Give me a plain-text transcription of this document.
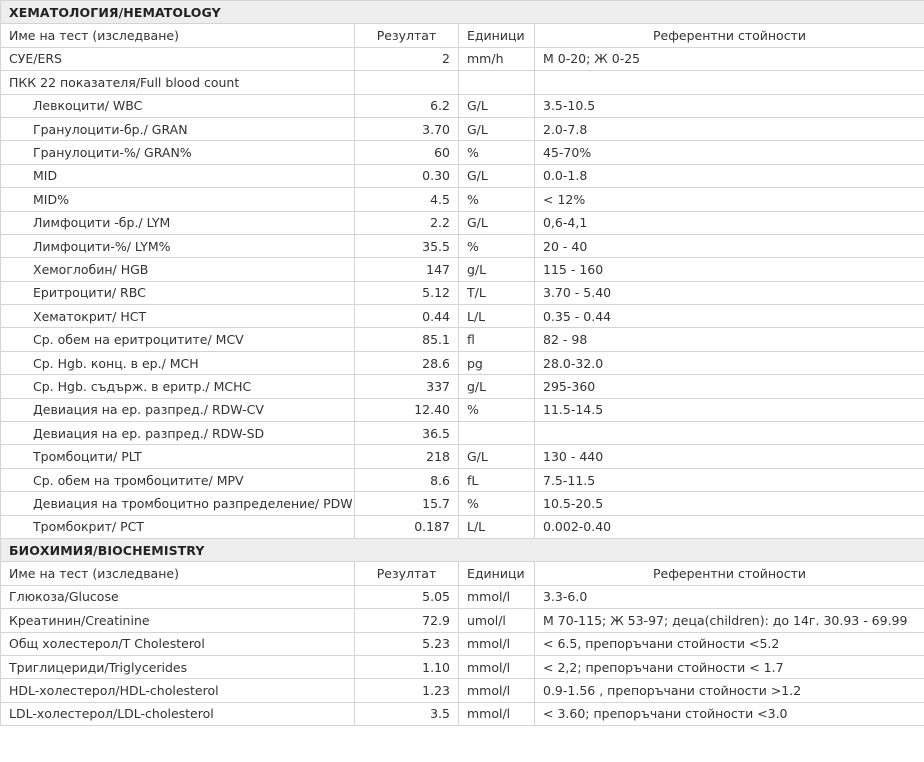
ХЕМАТОЛОГИЯ/HEMATOLOGY			
Име на тест (изследване)	Резултат	Единици	Референтни стойности
СУЕ/ERS	2	mm/h	М 0-20; Ж 0-25
ПКК 22 показателя/Full blood count			
Левкоцити/ WBC	6.2	G/L	3.5-10.5
Гранулоцити-бр./ GRAN	3.70	G/L	2.0-7.8
Гранулоцити-%/ GRAN%	60	%	45-70%
MID	0.30	G/L	0.0-1.8
MID%	4.5	%	< 12%
Лимфоцити -бр./ LYM	2.2	G/L	0,6-4,1
Лимфоцити-%/ LYM%	35.5	%	20 - 40
Хемоглобин/ HGB	147	g/L	115 - 160
Еритроцити/ RBC	5.12	T/L	3.70 - 5.40
Хематокрит/ HCT	0.44	L/L	0.35 - 0.44
Ср. обем на еритроцитите/ MCV	85.1	fl	82 - 98
Ср. Hgb. конц. в ер./ MCH	28.6	pg	28.0-32.0
Ср. Hgb. съдърж. в еритр./ MCHC	337	g/L	295-360
Девиация на ер. разпред./ RDW-CV	12.40	%	11.5-14.5
Девиация на ер. разпред./ RDW-SD	36.5		
Тромбоцити/ PLT	218	G/L	130 - 440
Ср. обем на тромбоцитите/ MPV	8.6	fL	7.5-11.5
Девиация на тромбоцитно разпределение/ PDW	15.7	%	10.5-20.5
Тромбокрит/ PCT	0.187	L/L	0.002-0.40
БИОХИМИЯ/BIOCHEMISTRY			
Име на тест (изследване)	Резултат	Единици	Референтни стойности
Глюкоза/Glucose	5.05	mmol/l	3.3-6.0
Креатинин/Creatinine	72.9	umol/l	М 70-115; Ж 53-97; деца(children): до 14г. 30.93 - 69.99
Общ холестерол/T Cholesterol	5.23	mmol/l	< 6.5, препоръчани стойности <5.2
Триглицериди/Triglycerides	1.10	mmol/l	< 2,2; препоръчани стойности < 1.7
HDL-холестерол/HDL-cholesterol	1.23	mmol/l	0.9-1.56 , препоръчани стойности >1.2
LDL-холестерол/LDL-cholesterol	3.5	mmol/l	< 3.60; препоръчани стойности <3.0
